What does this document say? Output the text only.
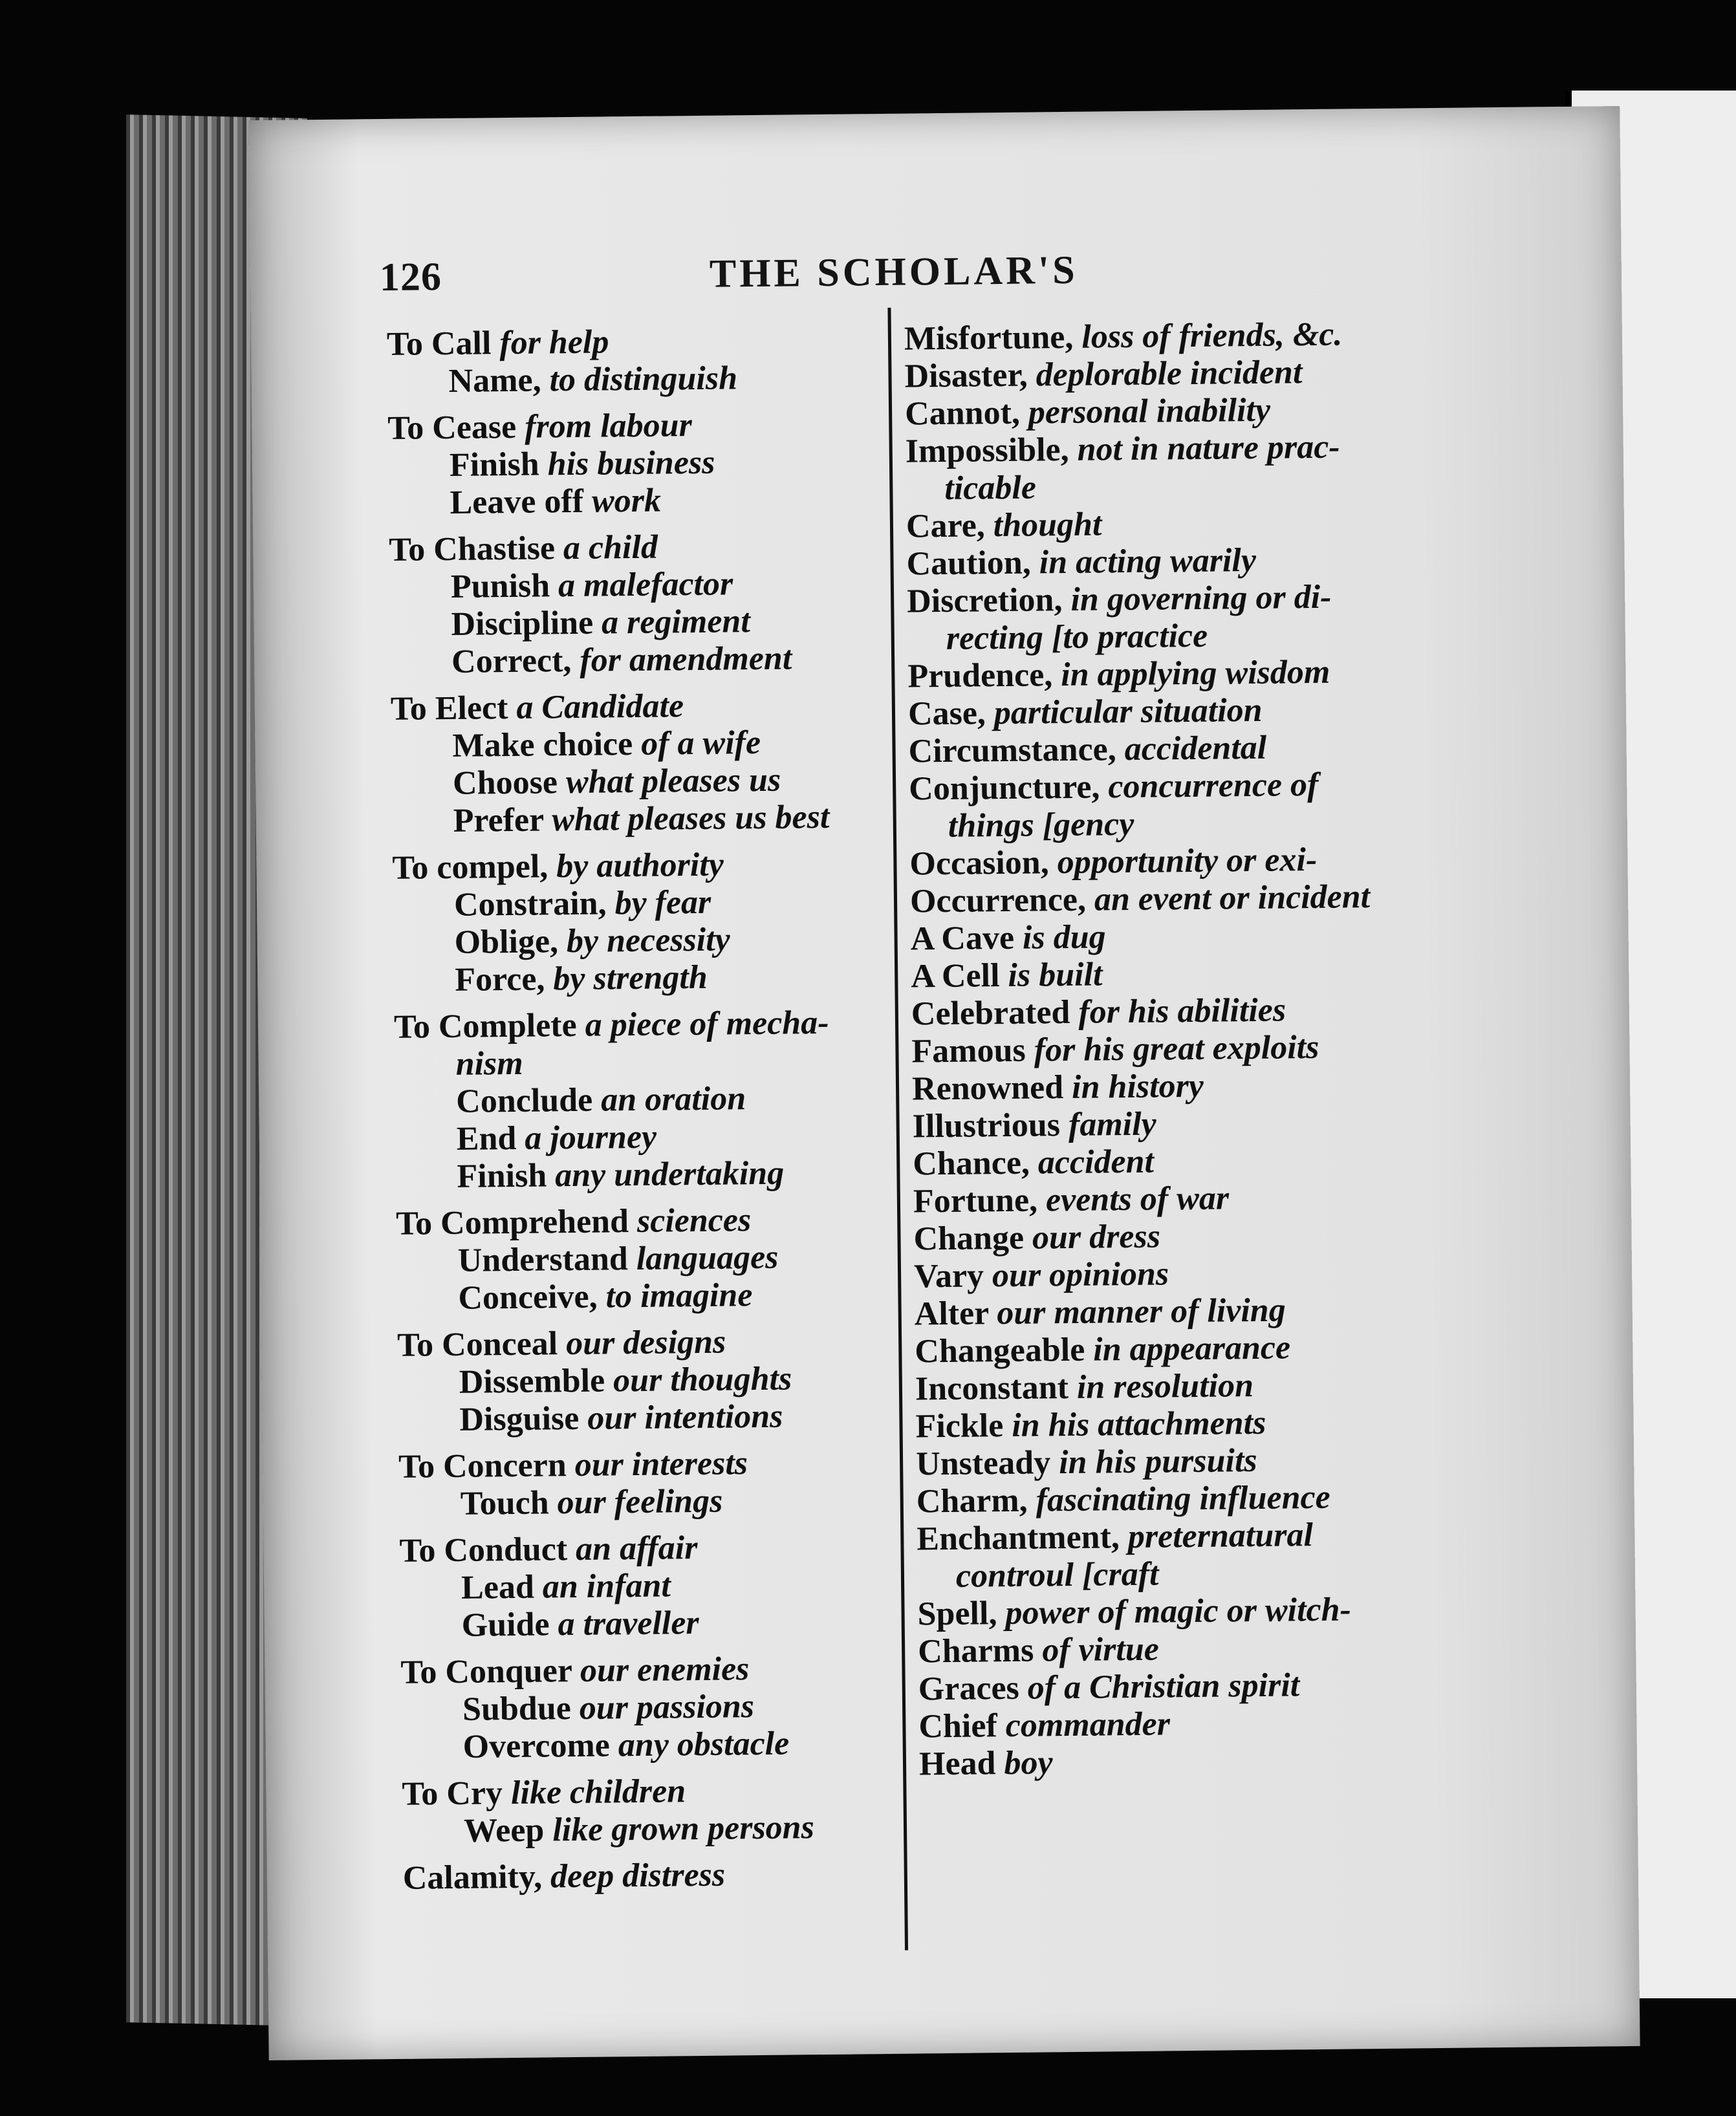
126	THE SCHOLAR'S

To Call for help

Name, to distinguish

To Cease from labour

Finish his business

Leave off work

To Chastise a child

Punish a malefactor

Discipline a regiment

Correct, for amendment

To Elect a Candidate

Make choice of a wife

Choose what pleases us

Prefer what pleases us best

To compel, by authority

Constrain, by fear

Oblige, by necessity

Force, by strength

To Complete a piece of mecha-

nism

Conclude an oration

End a journey

Finish any undertaking

To Comprehend sciences

Understand languages

Conceive, to imagine

To Conceal our designs

Dissemble our thoughts

Disguise our intentions

To Concern our interests

Touch our feelings

To Conduct an affair

Lead an infant

Guide a traveller

To Conquer our enemies

Subdue our passions

Overcome any obstacle

To Cry like children

Weep like grown persons

Calamity, deep distress

Misfortune, loss of friends, &c.

Disaster, deplorable incident

Cannot, personal inability

Impossible, not in nature prac-

ticable

Care, thought

Caution, in acting warily

Discretion, in governing or di-

recting [to practice

Prudence, in applying wisdom

Case, particular situation

Circumstance, accidental

Conjuncture, concurrence of

things [gency

Occasion, opportunity or exi-

Occurrence, an event or incident

A Cave is dug

A Cell is built

Celebrated for his abilities

Famous for his great exploits

Renowned in history

Illustrious family

Chance, accident

Fortune, events of war

Change our dress

Vary our opinions

Alter our manner of living

Changeable in appearance

Inconstant in resolution

Fickle in his attachments

Unsteady in his pursuits

Charm, fascinating influence

Enchantment, preternatural

controul [craft

Spell, power of magic or witch-

Charms of virtue

Graces of a Christian spirit

Chief commander

Head boy
